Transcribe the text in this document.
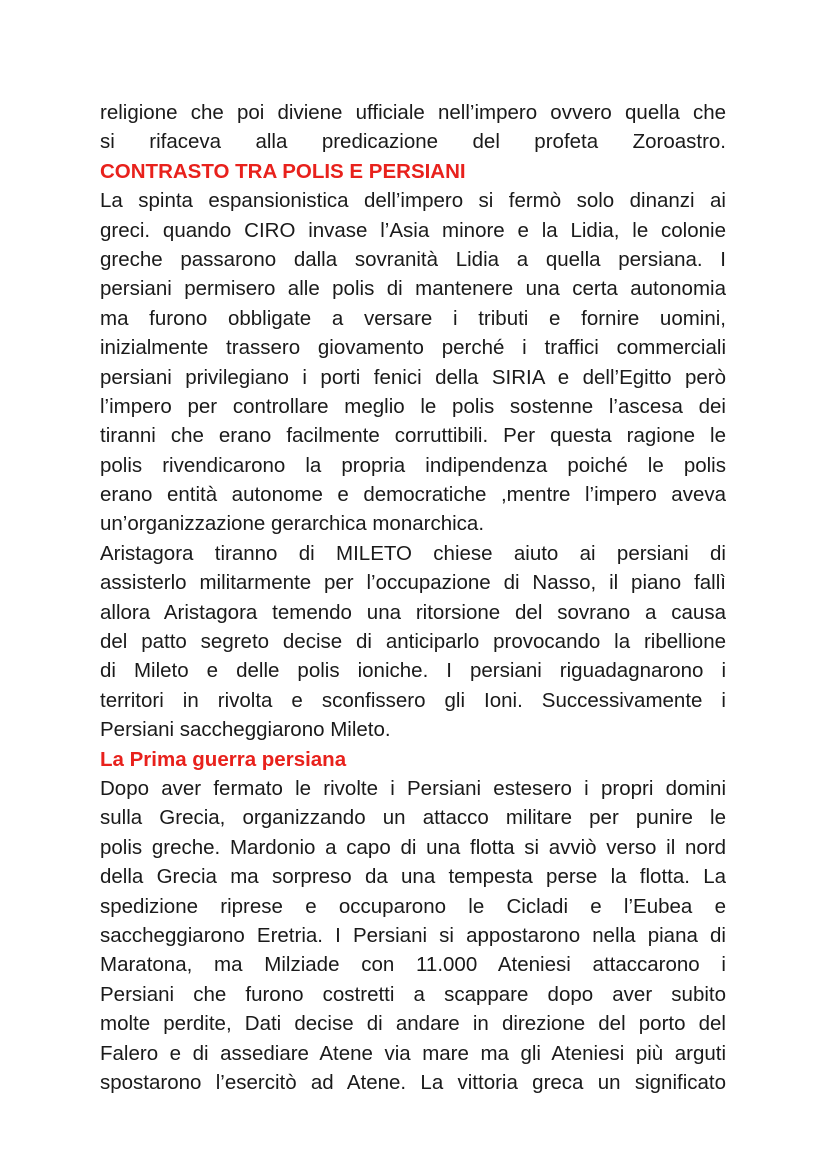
religione che poi diviene ufficiale nell’impero ovvero quella che
si rifaceva alla predicazione del profeta Zoroastro.
CONTRASTO TRA POLIS E PERSIANI
La spinta espansionistica dell’impero si fermò solo dinanzi ai
greci. quando CIRO invase l’Asia minore e la Lidia, le colonie
greche passarono dalla sovranità Lidia a quella persiana. I
persiani permisero alle polis di mantenere una certa autonomia
ma furono obbligate a versare i tributi e fornire uomini,
inizialmente trassero giovamento perché i traffici commerciali
persiani privilegiano i porti fenici della SIRIA e dell’Egitto però
l’impero per controllare meglio le polis sostenne l’ascesa dei
tiranni che erano facilmente corruttibili. Per questa ragione le
polis rivendicarono la propria indipendenza poiché le polis
erano entità autonome e democratiche ,mentre l’impero aveva
un’organizzazione gerarchica monarchica.
Aristagora tiranno di MILETO chiese aiuto ai persiani di
assisterlo militarmente per l’occupazione di Nasso, il piano fallì
allora Aristagora temendo una ritorsione del sovrano a causa
del patto segreto decise di anticiparlo provocando la ribellione
di Mileto e delle polis ioniche. I persiani riguadagnarono i
territori in rivolta e sconfissero gli Ioni. Successivamente i
Persiani saccheggiarono Mileto.
La Prima guerra persiana
Dopo aver fermato le rivolte i Persiani estesero i propri domini
sulla Grecia, organizzando un attacco militare per punire le
polis greche. Mardonio a capo di una flotta si avviò verso il nord
della Grecia ma sorpreso da una tempesta perse la flotta. La
spedizione riprese e occuparono le Cicladi e l’Eubea e
saccheggiarono Eretria. I Persiani si appostarono nella piana di
Maratona, ma Milziade con 11.000 Ateniesi attaccarono i
Persiani che furono costretti a scappare dopo aver subito
molte perdite, Dati decise di andare in direzione del porto del
Falero e di assediare Atene via mare ma gli Ateniesi più arguti
spostarono l’esercitò ad Atene. La vittoria greca un significato
